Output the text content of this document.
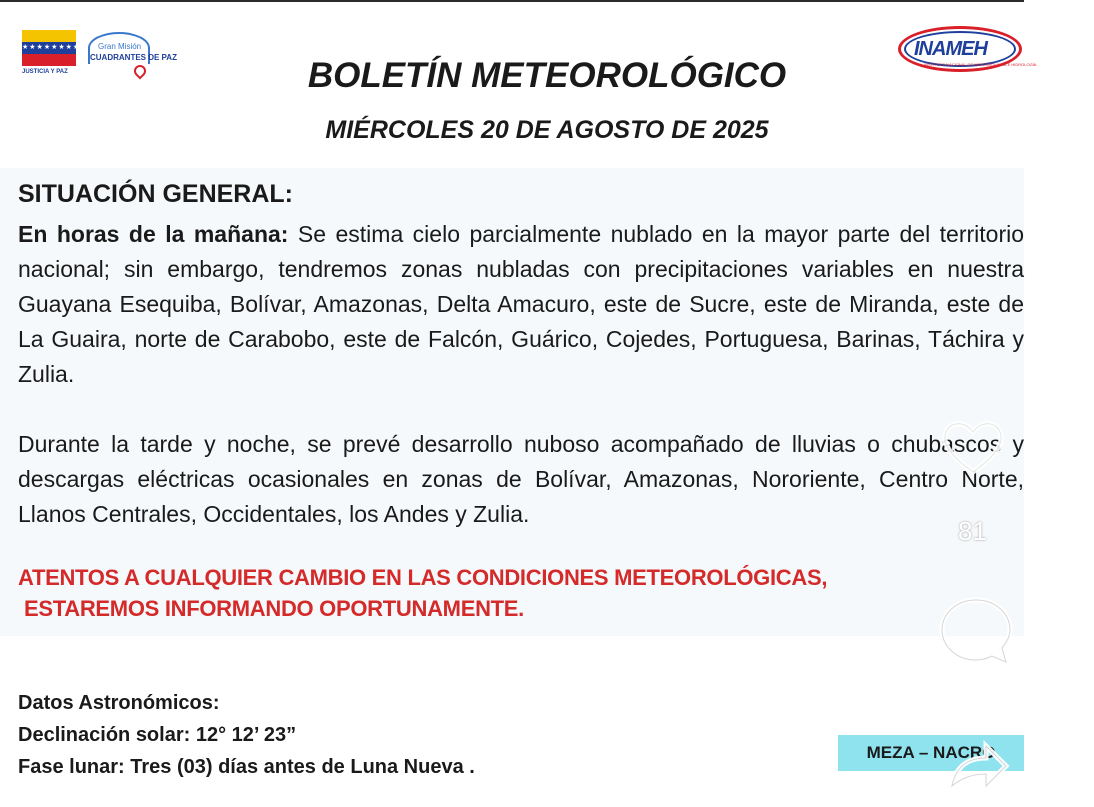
★★★★★★★★
JUSTICIA Y PAZ
Gran Misión
CUADRANTES DE PAZ	INAMEH
INSTITUTO NACIONAL DE METEOROLOGÍA E HIDROLOGÍA
BOLETÍN METEOROLÓGICO
MIÉRCOLES 20 DE AGOSTO DE 2025
SITUACIÓN GENERAL:
En horas de la mañana: Se estima cielo parcialmente nublado en la mayor parte del territorio nacional; sin embargo, tendremos zonas nubladas con precipitaciones variables en nuestra Guayana Esequiba, Bolívar, Amazonas, Delta Amacuro, este de Sucre, este de Miranda, este de La Guaira, norte de Carabobo, este de Falcón, Guárico, Cojedes, Portuguesa, Barinas, Táchira y Zulia.
Durante la tarde y noche, se prevé desarrollo nuboso acompañado de lluvias o chubascos y descargas eléctricas ocasionales en zonas de Bolívar, Amazonas, Nororiente, Centro Norte, Llanos Centrales, Occidentales, los Andes y Zulia.
ATENTOS A CUALQUIER CAMBIO EN LAS CONDICIONES METEOROLÓGICAS,
ESTAREMOS INFORMANDO OPORTUNAMENTE.
Datos Astronómicos:
Declinación solar: 12° 12’ 23”
Fase lunar: Tres (03) días antes de Luna Nueva .
MEZA – NACRO
81
